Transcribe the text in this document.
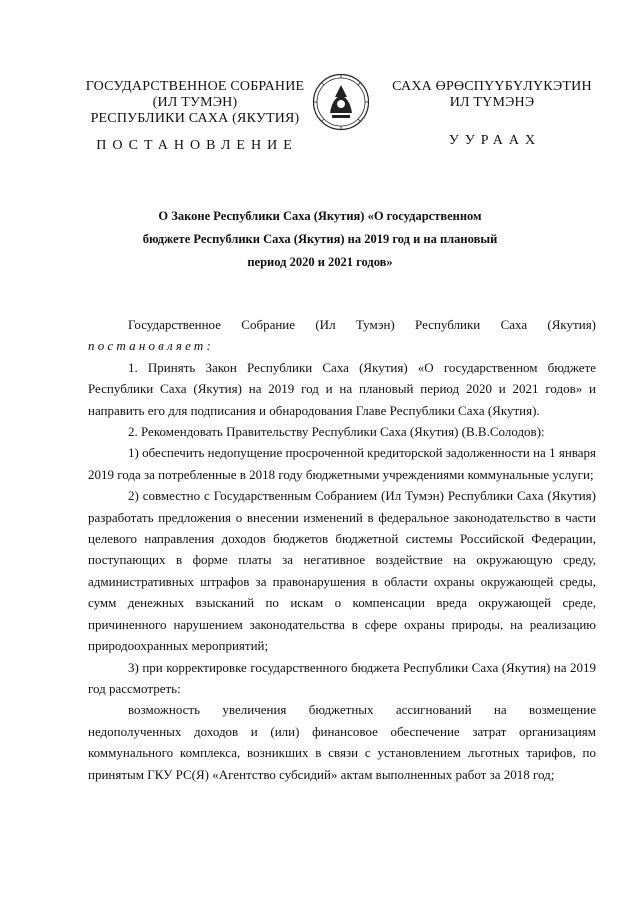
ГОСУДАРСТВЕННОЕ СОБРАНИЕ
(ИЛ ТУМЭН)
РЕСПУБЛИКИ САХА (ЯКУТИЯ)
САХА ӨРӨСПҮҮБҮЛҮКЭТИН
ИЛ ТҮМЭНЭ
ПОСТАНОВЛЕНИЕ	УУРААХ
О Законе Республики Саха (Якутия) «О государственном
бюджете Республики Саха (Якутия) на 2019 год и на плановый
период 2020 и 2021 годов»

Государственное Собрание (Ил Тумэн) Республики Саха (Якутия)

постановляет:

1. Принять Закон Республики Саха (Якутия) «О государственном бюджете Республики Саха (Якутия) на 2019 год и на плановый период 2020 и 2021 годов» и направить его для подписания и обнародования Главе Республики Саха (Якутия).

2. Рекомендовать Правительству Республики Саха (Якутия) (В.В.Солодов):

1) обеспечить недопущение просроченной кредиторской задолженности на 1 января 2019 года за потребленные в 2018 году бюджетными учреждениями коммунальные услуги;

2) совместно с Государственным Собранием (Ил Тумэн) Республики Саха (Якутия) разработать предложения о внесении изменений в федеральное законодательство в части целевого направления доходов бюджетов бюджетной системы Российской Федерации, поступающих в форме платы за негативное воздействие на окружающую среду, административных штрафов за правонарушения в области охраны окружающей среды, сумм денежных взысканий по искам о компенсации вреда окружающей среде, причиненного нарушением законодательства в сфере охраны природы, на реализацию природоохранных мероприятий;

3) при корректировке государственного бюджета Республики Саха (Якутия) на 2019 год рассмотреть:

возможность увеличения бюджетных ассигнований на возмещение недополученных доходов и (или) финансовое обеспечение затрат организациям коммунального комплекса, возникших в связи с установлением льготных тарифов, по принятым ГКУ РС(Я) «Агентство субсидий» актам выполненных работ за 2018 год;
